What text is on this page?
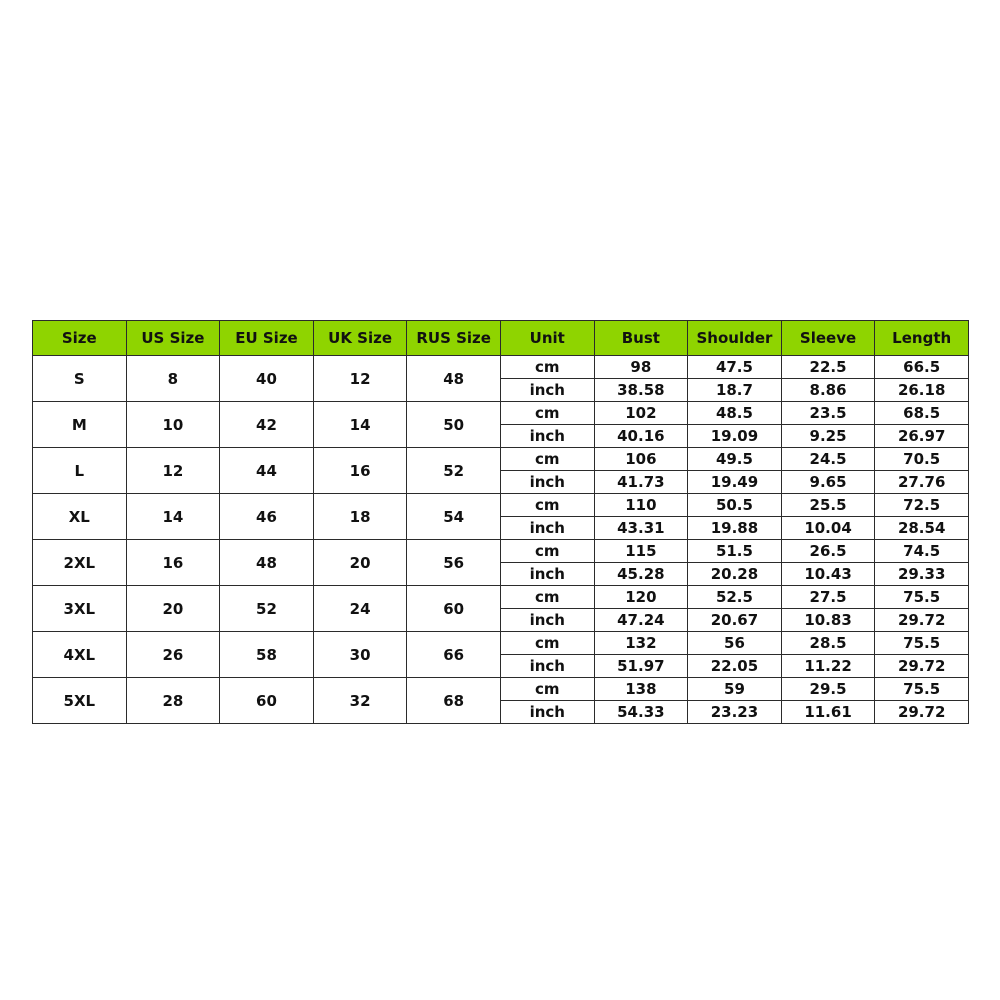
Size	US Size	EU Size	UK Size	RUS Size	Unit	Bust	Shoulder	Sleeve	Length
S	8	40	12	48	cm	98	47.5	22.5	66.5
					inch	38.58	18.7	8.86	26.18
M	10	42	14	50	cm	102	48.5	23.5	68.5
					inch	40.16	19.09	9.25	26.97
L	12	44	16	52	cm	106	49.5	24.5	70.5
					inch	41.73	19.49	9.65	27.76
XL	14	46	18	54	cm	110	50.5	25.5	72.5
					inch	43.31	19.88	10.04	28.54
2XL	16	48	20	56	cm	115	51.5	26.5	74.5
					inch	45.28	20.28	10.43	29.33
3XL	20	52	24	60	cm	120	52.5	27.5	75.5
					inch	47.24	20.67	10.83	29.72
4XL	26	58	30	66	cm	132	56	28.5	75.5
					inch	51.97	22.05	11.22	29.72
5XL	28	60	32	68	cm	138	59	29.5	75.5
					inch	54.33	23.23	11.61	29.72
